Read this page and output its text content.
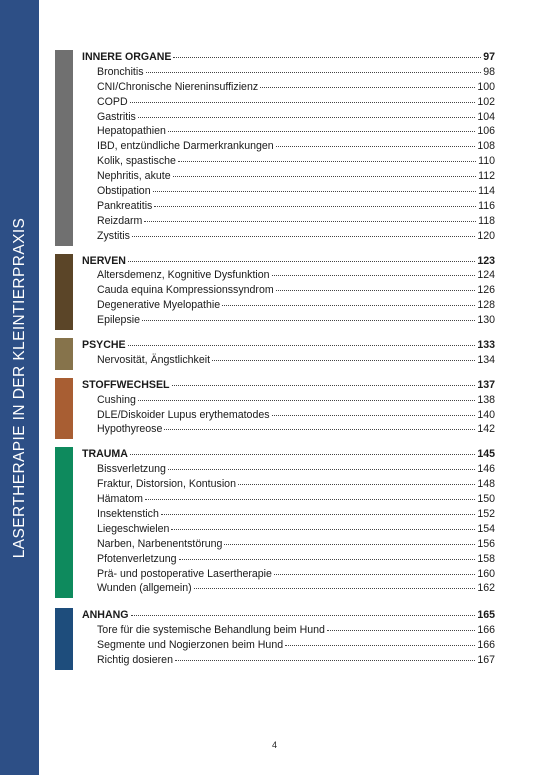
LASERTHERAPIE IN DER KLEINTIERPRAXIS
INNERE ORGANE	97
Bronchitis	98
CNI/Chronische Niereninsuffizienz	100
COPD	102
Gastritis	104
Hepatopathien	106
IBD, entzündliche Darmerkrankungen	108
Kolik, spastische	110
Nephritis, akute	112
Obstipation	114
Pankreatitis	116
Reizdarm	118
Zystitis	120
NERVEN	123
Altersdemenz, Kognitive Dysfunktion	124
Cauda equina Kompressionssyndrom	126
Degenerative Myelopathie	128
Epilepsie	130
PSYCHE	133
Nervosität, Ängstlichkeit	134
STOFFWECHSEL	137
Cushing	138
DLE/Diskoider Lupus erythematodes	140
Hypothyreose	142
TRAUMA	145
Bissverletzung	146
Fraktur, Distorsion, Kontusion	148
Hämatom	150
Insektenstich	152
Liegeschwielen	154
Narben, Narbenentstörung	156
Pfotenverletzung	158
Prä- und postoperative Lasertherapie	160
Wunden (allgemein)	162
ANHANG	165
Tore für die systemische Behandlung beim Hund	166
Segmente und Nogierzonen beim Hund	166
Richtig dosieren	167
4
